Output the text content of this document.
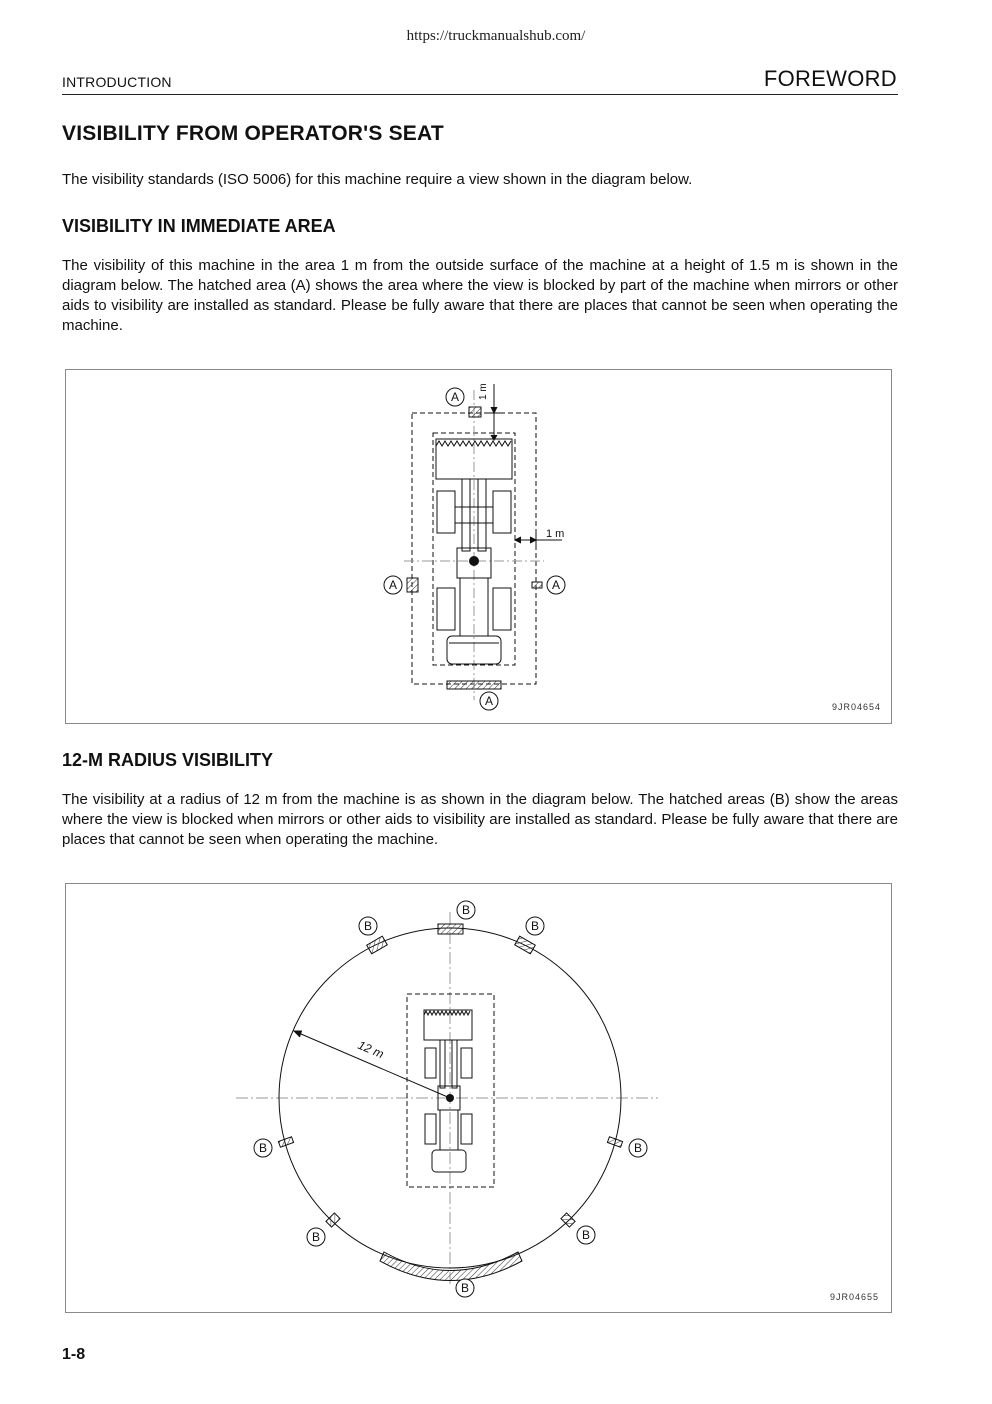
https://truckmanualshub.com/
INTRODUCTION	FOREWORD
VISIBILITY FROM OPERATOR'S SEAT
The visibility standards (ISO 5006) for this machine require a view shown in the diagram below.
VISIBILITY IN IMMEDIATE AREA
The visibility of this machine in the area 1 m from the outside surface of the machine at a height of 1.5 m is shown in the diagram below. The hatched area (A) shows the area where the view is blocked by part of the machine when mirrors or other aids to visibility are installed as standard. Please be fully aware that there are places that cannot be seen when operating the machine.
A
A	A
A
1 m
1 m
9JR04654
12-M RADIUS VISIBILITY
The visibility at a radius of 12 m from the machine is as shown in the diagram below. The hatched areas (B) show the areas where the view is blocked when mirrors or other aids to visibility are installed as standard. Please be fully aware that there are places that cannot be seen when operating the machine.
B
B	B
B	B
B	B
B
12 m
9JR04655
1-8
